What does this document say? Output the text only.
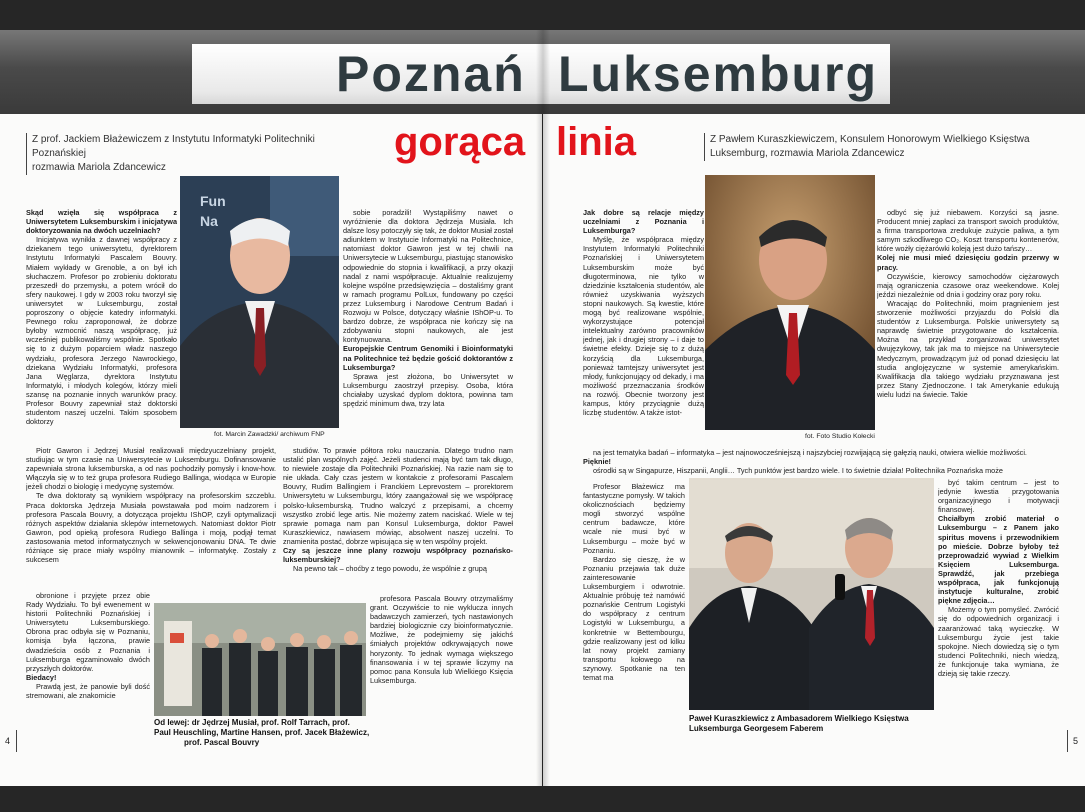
Poznań Luksemburg
gorąca linia
Z prof. Jackiem Błażewiczem z Instytutu Informatyki Politechniki Poznańskiej
rozmawia Mariola Zdancewicz
Z Pawłem Kuraszkiewiczem, Konsulem Honorowym Wielkiego Księstwa
Luksemburg, rozmawia Mariola Zdancewicz
Fun
Na
fot. Marcin Zawadzki/ archiwum FNP

Skąd wzięła się współpraca z Uniwersytetem Luksemburskim i inicjatywa doktoryzowania na dwóch uczelniach?

Inicjatywa wynikła z dawnej współpracy z dziekanem tego uniwersytetu, dyrektorem Instytutu Informatyki Pascalem Bouvry. Miałem wykłady w Grenoble, a on był ich słuchaczem. Profesor po zrobieniu doktoratu przeszedł do przemysłu, a potem wrócił do sfery naukowej. I gdy w 2003 roku tworzył się uniwersytet w Luksemburgu, został poproszony o objęcie katedry informatyki. Pewnego roku zaproponował, że dobrze byłoby wzmocnić naszą współpracę, już wcześniej publikowaliśmy wspólnie. Spotkało się to z dużym poparciem władz naszego wydziału, profesora Jerzego Nawrockiego, dziekana Wydziału Informatyki, profesora Jana Węglarza, dyrektora Instytutu Informatyki, i młodych kolegów, którzy mieli szansę na poznanie innych warunków pracy. Profesor Bouvry zapewniał staż doktorski studentom naszej uczelni. Takim sposobem doktorzy

sobie poradzili! Wystąpiliśmy nawet o wyróżnienie dla doktora Jędrzeja Musiała. Ich dalsze losy potoczyły się tak, że doktor Musiał został adiunktem w Instytucie Informatyki na Politechnice, natomiast doktor Gawron jest w tej chwili na Uniwersytecie w Luksemburgu, piastując stanowisko odpowiednie do stopnia i kwalifikacji, a przy okazji nadal z nami współpracuje. Aktualnie realizujemy kolejne wspólne przedsięwzięcia – dostaliśmy grant w ramach programu PolLux, fundowany po części przez Luksemburg i Narodowe Centrum Badań i Rozwoju w Polsce, dotyczący właśnie IShOP-u. To bardzo dobrze, że współpraca nie kończy się na zdobywaniu stopni naukowych, ale jest kontynuowana.

Europejskie Centrum Genomiki i Bioinformatyki na Politechnice też będzie gościć doktorantów z Luksemburga?

Sprawa jest złożona, bo Uniwersytet w Luksemburgu zaostrzył przepisy. Osoba, która chciałaby uzyskać dyplom doktora, powinna tam spędzić minimum dwa, trzy lata

Piotr Gawron i Jędrzej Musiał realizowali międzyuczelniany projekt, studiując w tym czasie na Uniwersytecie w Luksemburgu. Dofinansowanie zapewniała strona luksemburska, a od nas pochodziły pomysły i know-how. Włączyła się w to też grupa profesora Rudiego Ballinga, wiodąca w Europie jeżeli chodzi o biologię i medycynę systemów.

Te dwa doktoraty są wynikiem współpracy na profesorskim szczeblu. Praca doktorska Jędrzeja Musiała powstawała pod moim nadzorem i profesora Pascala Bouvry, a dotycząca projektu IShOP, czyli optymalizacji różnych aspektów działania sklepów internetowych. Natomiast doktor Piotr Gawron, pod opieką profesora Rudiego Ballinga i moją, podjął temat zastosowania metod informatycznych w sekwencjonowaniu DNA. Te dwie różniące się prace miały wspólny mianownik – informatykę. Zostały z sukcesem

studiów. To prawie półtora roku nauczania. Dlatego trudno nam ustalić plan wspólnych zajęć. Jeżeli studenci mają być tam tak długo, to niewiele zostaje dla Politechniki Poznańskiej. Na razie nam się to nie układa. Cały czas jestem w kontakcie z profesorami Pascalem Bouvry, Rudim Ballingiem i Franckiem Leprevostem – prorektorem Uniwersytetu w Luksemburgu, który zaangażował się we współpracę polsko-luksemburską. Trudno walczyć z przepisami, a chcemy wszystko zrobić lege artis. Nie możemy zatem naciskać. Wiele w tej sprawie pomaga nam pan Konsul Luksemburga, doktor Paweł Kuraszkiewicz, nawiasem mówiąc, absolwent naszej uczelni. To znamienita postać, dobrze wpisująca się w ten wspólny projekt.

Czy są jeszcze inne plany rozwoju współpracy poznańsko-luksemburskiej?

Na pewno tak – choćby z tego powodu, że wspólnie z grupą

obronione i przyjęte przez obie Rady Wydziału. To był ewenement w historii Politechniki Poznańskiej i Uniwersytetu Luksemburskiego. Obrona prac odbyła się w Poznaniu, komisja była łączona, prawie dwadzieścia osób z Poznania i Luksemburga egzaminowało dwóch przyszłych doktorów.

Biedacy!

Prawdą jest, że panowie byli dość stremowani, ale znakomicie

profesora Pascala Bouvry otrzymaliśmy grant. Oczywiście to nie wyklucza innych badawczych zamierzeń, tych nastawionych bardziej biologicznie czy bioinformatycznie. Możliwe, że podejmiemy się jakichś śmiałych projektów odkrywających nowe horyzonty. To jednak wymaga większego finansowania i w tej sprawie liczymy na pomoc pana Konsula lub Wielkiego Księcia Luksemburga.

Od lewej: dr Jędrzej Musiał, prof. Rolf Tarrach, prof.
Paul Heuschling, Martine Hansen, prof. Jacek Błażewicz,
prof. Pascal Bouvry
fot. Foto Studio Kołecki

Jak dobre są relacje między uczelniami z Poznania i Luksemburga?

Myślę, że współpraca między Instytutem Informatyki Politechniki Poznańskiej i Uniwersytetem Luksemburskim może być długoterminowa, nie tylko w dziedzinie kształcenia studentów, ale również uzyskiwania wyższych stopni naukowych. Są kwestie, które mogą być realizowane wspólnie, wykorzystujące potencjał intelektualny zarówno pracowników jednej, jak i drugiej strony – i daje to świetne efekty. Dzieje się to z dużą korzyścią dla Luksemburga, ponieważ tamtejszy uniwersytet jest młody, funkcjonujący od dekady, i ma możliwość przeznaczania środków na rozwój. Obecnie tworzony jest kampus, który przyciągnie dużą liczbę studentów. A także istot-

odbyć się już niebawem. Korzyści są jasne. Producent mniej zapłaci za transport swoich produktów, a firma transportowa zredukuje zużycie paliwa, a tym samym szkodliwego CO₂. Koszt transportu kontenerów, które wożły ciężarówki koleją jest dużo tańszy…

Kolej nie musi mieć dziesięciu godzin przerwy w pracy.

Oczywiście, kierowcy samochodów ciężarowych mają ograniczenia czasowe oraz weekendowe. Kolej jeździ niezależnie od dnia i godziny oraz pory roku.

Wracając do Politechniki, moim pragnieniem jest stworzenie możliwości przyjazdu do Polski dla studentów z Luksemburga. Polskie uniwersytety są naprawdę świetnie przygotowane do kształcenia. Można na przykład zorganizować uniwersytet dwujęzykowy, tak jak ma to miejsce na Uniwersytecie Medycznym, prowadzącym już od ponad dziesięciu lat studia anglojęzyczne w systemie amerykańskim. Kwalifikacja dla takiego wydziału przyznawana jest przez Stany Zjednoczone. I tak Amerykanie edukują wielu ludzi na świecie. Takie

na jest tematyka badań – informatyka – jest najnowocześniejszą i najszybciej rozwijającą się gałęzią nauki, otwiera wielkie możliwości.

Pięknie!

ośrodki są w Singapurze, Hiszpanii, Anglii… Tych punktów jest bardzo wiele. I to świetnie działa! Politechnika Poznańska może

Profesor Błażewicz ma fantastyczne pomysły. W takich okolicznościach będziemy mogli stworzyć wspólne centrum badawcze, które wcale nie musi być w Luksemburgu – może być w Poznaniu.

Bardzo się cieszę, że w Poznaniu przejawia tak duże zainteresowanie Luksemburgiem i odwrotnie. Aktualnie próbuję też namówić poznańskie Centrum Logistyki do współpracy z centrum Logistyki w Luksemburgu, a konkretnie w Bettembourgu, gdzie realizowany jest od kilku lat nowy projekt zamiany transportu kołowego na szynowy. Spotkanie na ten temat ma

być takim centrum – jest to jedynie kwestia przygotowania organizacyjnego i motywacji finansowej.

Chciałbym zrobić materiał o Luksemburgu – z Panem jako spiritus movens i przewodnikiem po mieście. Dobrze byłoby też przeprowadzić wywiad z Wielkim Księciem Luksemburga. Sprawdźć, jak przebiega współpraca, jak funkcjonują instytucje kulturalne, zrobić piękne zdjęcia…

Możemy o tym pomyśleć. Zwrócić się do odpowiednich organizacji i zaaranżować taką wycieczkę. W Luksemburgu życie jest takie spokojne. Niech dowiedzą się o tym studenci Politechniki, niech wiedzą, że funkcjonuje taka wymiana, że dzieją się takie rzeczy.

Paweł Kuraszkiewicz z Ambasadorem Wielkiego Księstwa
Luksemburga Georgesem Faberem
4	5
